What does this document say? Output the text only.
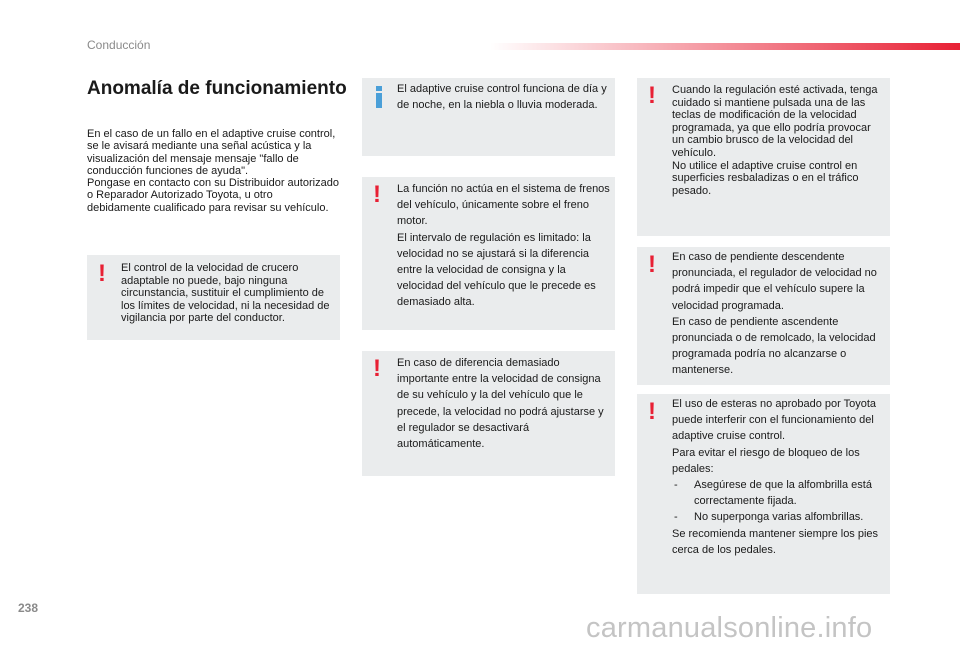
Conducción
Anomalía de funcionamiento

En el caso de un fallo en el adaptive cruise control, se le avisará mediante una señal acústica y la visualización del mensaje mensaje "fallo de conducción funciones de ayuda".
Pongase en contacto con su Distribuidor autorizado o Reparador Autorizado Toyota, u otro debidamente cualificado para revisar su vehículo.

! El control de la velocidad de crucero adaptable no puede, bajo ninguna circunstancia, sustituir el cumplimiento de los límites de velocidad, ni la necesidad de vigilancia por parte del conductor.
El adaptive cruise control funciona de día y de noche, en la niebla o lluvia moderada.
! La función no actúa en el sistema de frenos del vehículo, únicamente sobre el freno motor.

El intervalo de regulación es limitado: la velocidad no se ajustará si la diferencia entre la velocidad de consigna y la velocidad del vehículo que le precede es demasiado alta.

! En caso de diferencia demasiado importante entre la velocidad de consigna de su vehículo y la del vehículo que le precede, la velocidad no podrá ajustarse y el regulador se desactivará automáticamente.
! Cuando la regulación esté activada, tenga cuidado si mantiene pulsada una de las teclas de modificación de la velocidad programada, ya que ello podría provocar un cambio brusco de la velocidad del vehículo.

No utilice el adaptive cruise control en superficies resbaladizas o en el tráfico pesado.

! En caso de pendiente descendente pronunciada, el regulador de velocidad no podrá impedir que el vehículo supere la velocidad programada.

En caso de pendiente ascendente pronunciada o de remolcado, la velocidad programada podría no alcanzarse o mantenerse.

! El uso de esteras no aprobado por Toyota puede interferir con el funcionamiento del adaptive cruise control.

Para evitar el riesgo de bloqueo de los pedales:

-	Asegúrese de que la alfombrilla está correctamente fijada.
-	No superponga varias alfombrillas.

Se recomienda mantener siempre los pies cerca de los pedales.

238
carmanualsonline.info
